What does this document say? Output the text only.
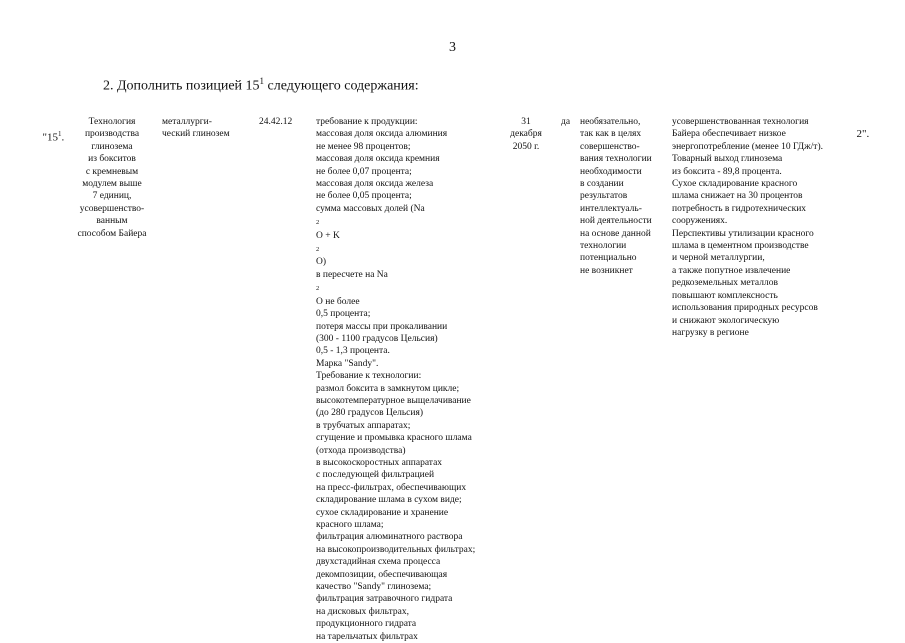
3
2. Дополнить позицией $15^1$ следующего содержания:

"$15^1$.

Технология
производства
глинозема
из бокситов
с кремневым
модулем выше
7 единиц,
усовершенство-
ванным
способом Байера
металлурги-
ческий глинозем
24.42.12	требование к продукции:
массовая доля оксида алюминия
не менее 98 процентов;
массовая доля оксида кремния
не более 0,07 процента;
массовая доля оксида железа
не более 0,05 процента;
сумма массовых долей (Na
$_2$
O + K
$_2$
O)
в пересчете на Na
$_2$
O не более
0,5 процента;
потеря массы при прокаливании
(300 - 1100 градусов Цельсия)
0,5 - 1,3 процента.
Марка "Sandy".
Требование к технологии:
размол боксита в замкнутом цикле;
высокотемпературное выщелачивание
(до 280 градусов Цельсия)
в трубчатых аппаратах;
сгущение и промывка красного шлама
(отхода производства)
в высокоскоростных аппаратах
с последующей фильтрацией
на пресс-фильтрах, обеспечивающих
складирование шлама в сухом виде;
сухое складирование и хранение
красного шлама;
фильтрация алюминатного раствора
на высокопроизводительных фильтрах;
двухстадийная схема процесса
декомпозиции, обеспечивающая
качество "Sandy" глинозема;
фильтрация затравочного гидрата
на дисковых фильтрах,
продукционного гидрата
на тарельчатых фильтрах
31
декабря
2050 г.
да необязательно,
так как в целях
совершенство-
вания технологии
необходимости
в создании
результатов
интеллектуаль-
ной деятельности
на основе данной
технологии
потенциально
не возникнет
усовершенствованная технология
Байера обеспечивает низкое
энергопотребление (менее 10 ГДж/т).
Товарный выход глинозема
из боксита - 89,8 процента.
Сухое складирование красного
шлама снижает на 30 процентов
потребность в гидротехнических
сооружениях.
Перспективы утилизации красного
шлама в цементном производстве
и черной металлургии,
а также попутное извлечение
редкоземельных металлов
повышают комплексность
использования природных ресурсов
и снижают экологическую
нагрузку в регионе

2".
